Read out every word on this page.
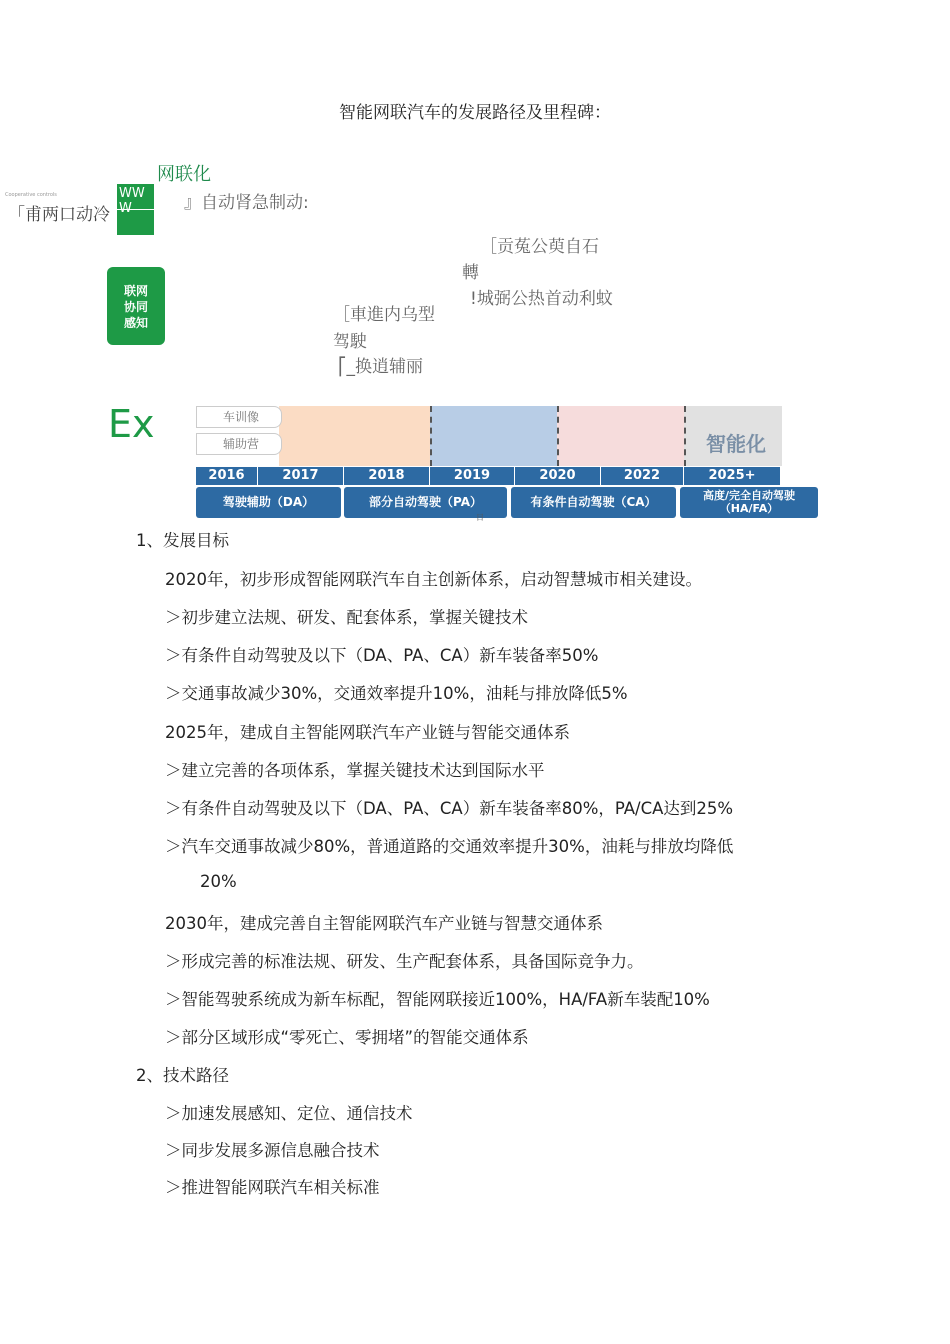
智能网联汽车的发展路径及里程碑：
网联化
Cooperative controls
「甫两口动冷
WWW	』自动肾急制动:
［贡菟公萸自石
轉
!城弼公热首动利蚊
［車進内乌型
驾駛
⎡_换逍辅丽
联网
协同
感知
Ex	智能化
车训像
辅助营
2016	2017	2018	2019	2020	2022	2025+
驾驶辅助（DA）	部分自动驾驶（PA）	有条件自动驾驶（CA）	高度/完全自动驾驶（HA/FA）
日
1、发展目标
2020年，初步形成智能网联汽车自主创新体系，启动智慧城市相关建设。
＞初步建立法规、研发、配套体系，掌握关键技术
＞有条件自动驾驶及以下（DA、PA、CA）新车装备率50%
＞交通事故减少30%，交通效率提升10%，油耗与排放降低5%
2025年，建成自主智能网联汽车产业链与智能交通体系
＞建立完善的各项体系，掌握关键技术达到国际水平
＞有条件自动驾驶及以下（DA、PA、CA）新车装备率80%，PA/CA达到25%
＞汽车交通事故减少80%，普通道路的交通效率提升30%，油耗与排放均降低
20%
2030年，建成完善自主智能网联汽车产业链与智慧交通体系
＞形成完善的标准法规、研发、生产配套体系，具备国际竞争力。
＞智能驾驶系统成为新车标配，智能网联接近100%，HA/FA新车装配10%
＞部分区域形成“零死亡、零拥堵”的智能交通体系
2、技术路径
＞加速发展感知、定位、通信技术
＞同步发展多源信息融合技术
＞推进智能网联汽车相关标准
